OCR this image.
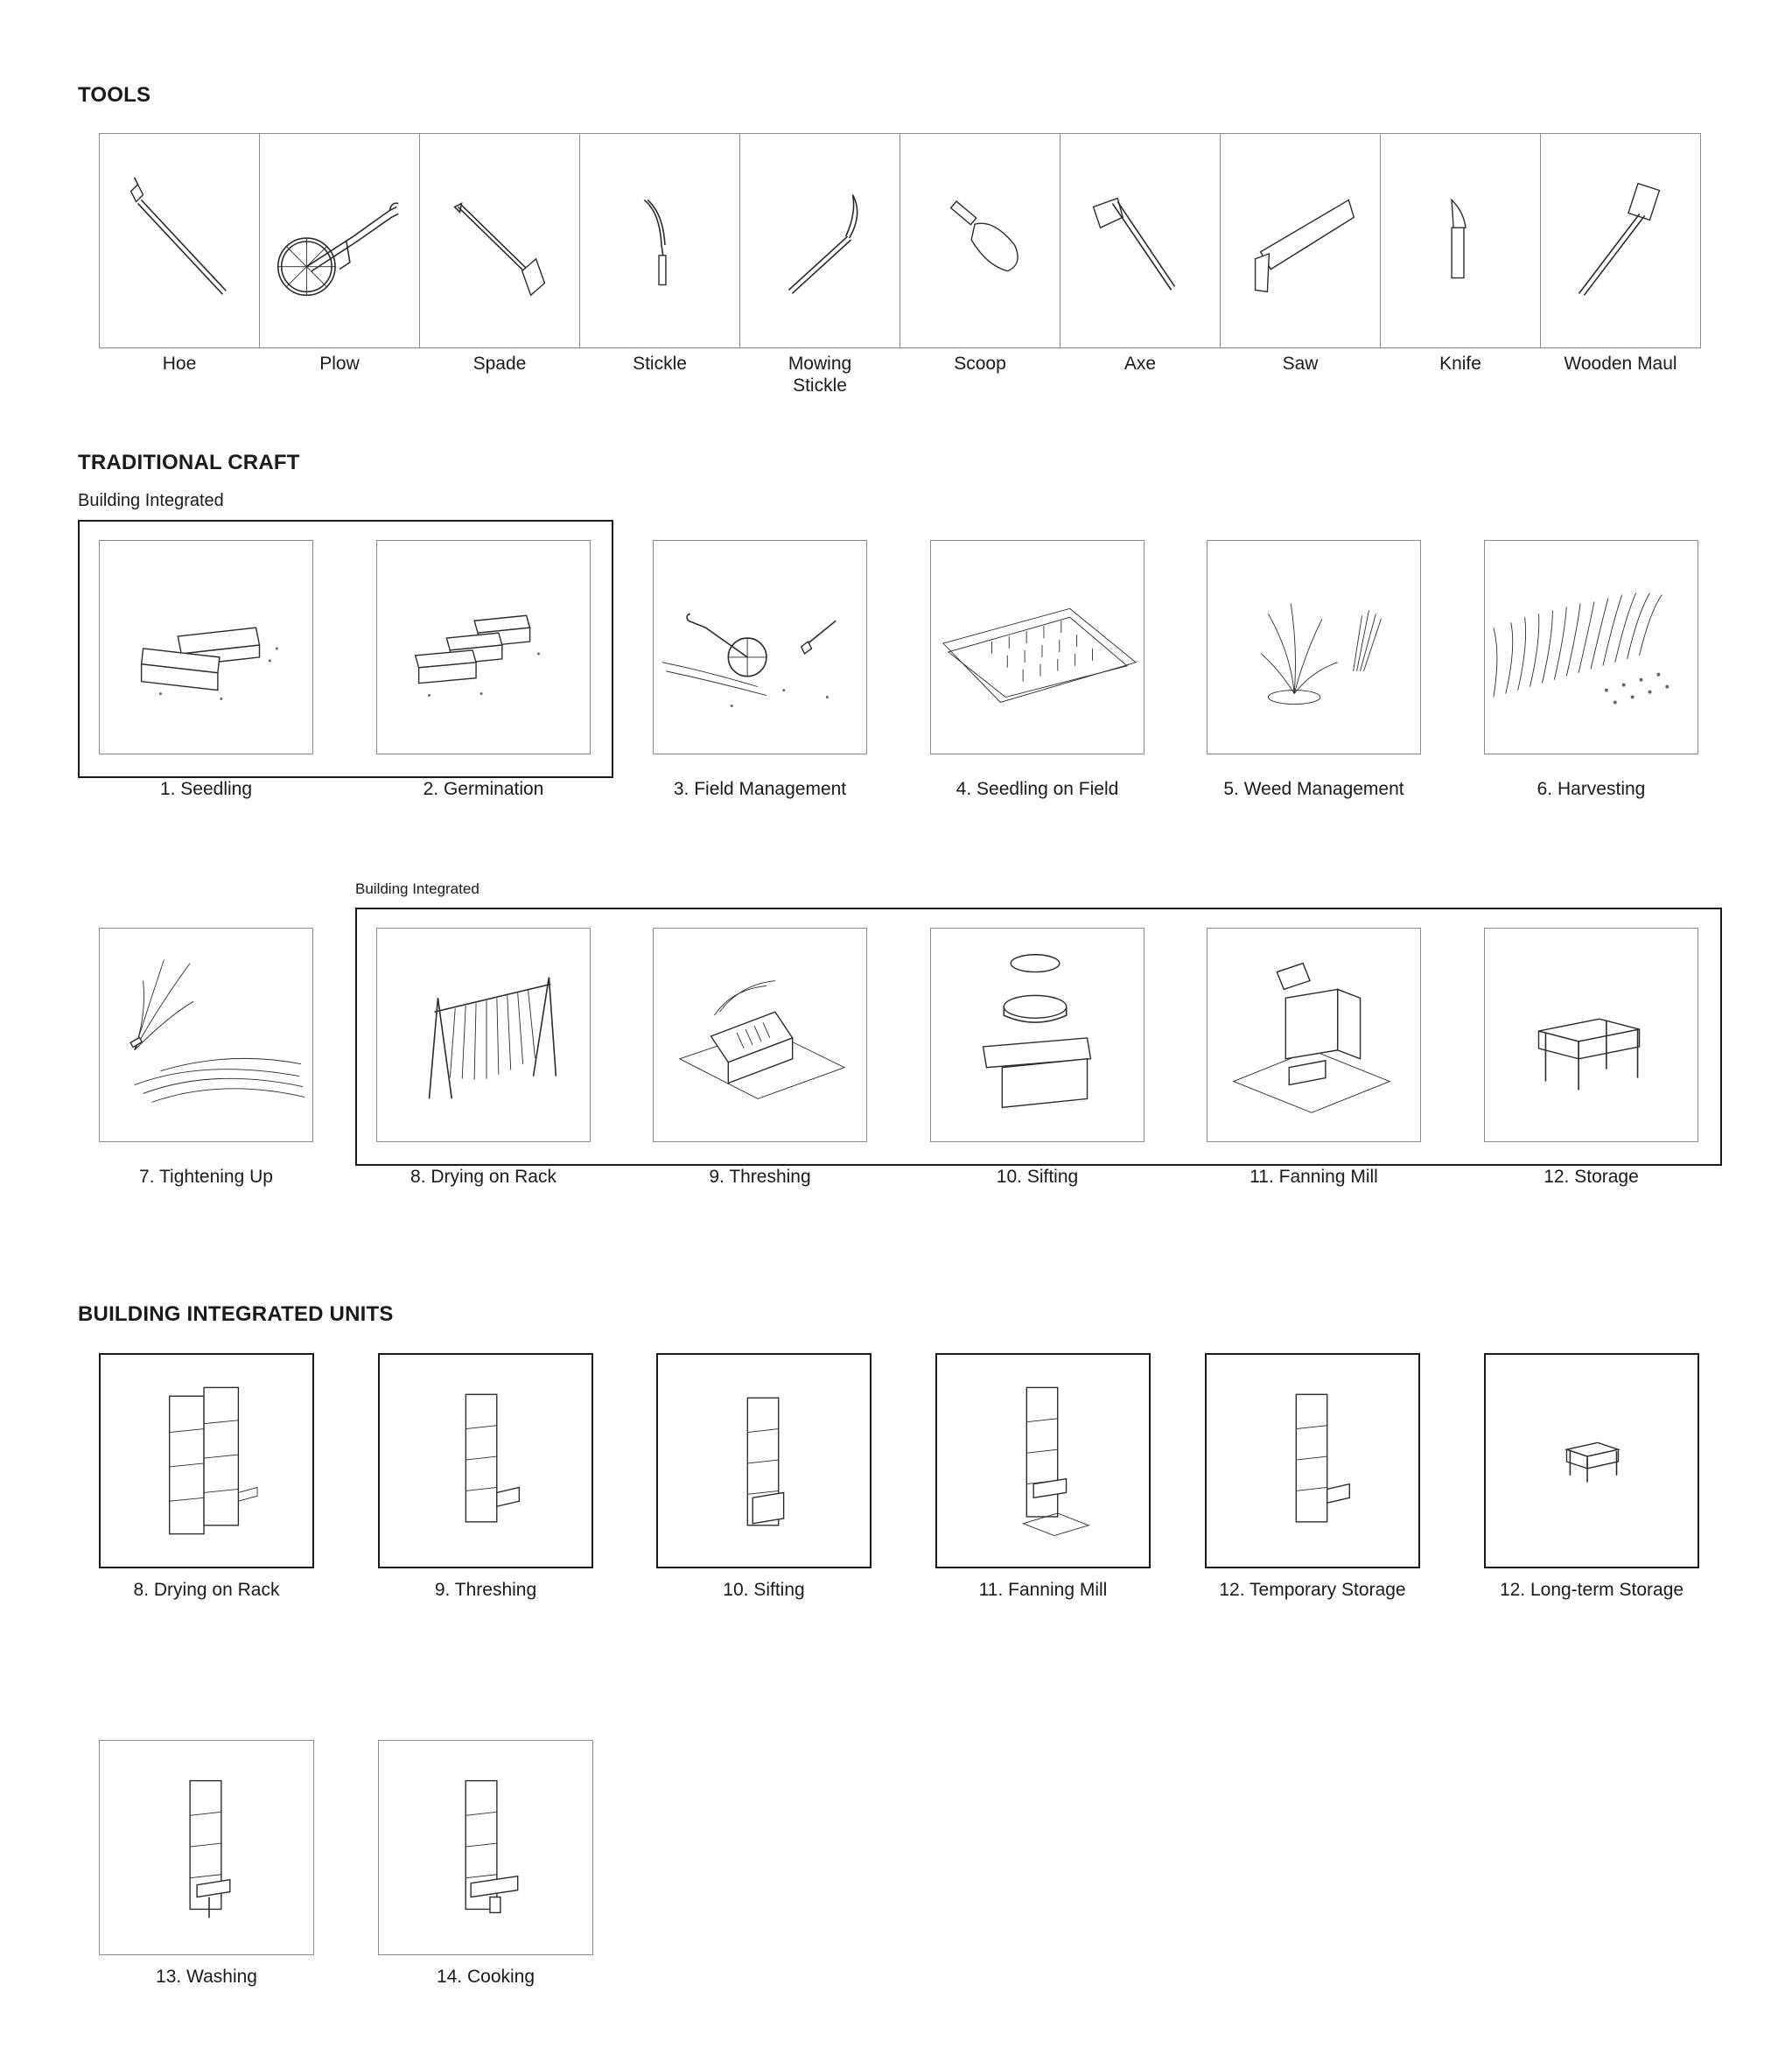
TOOLS
Hoe	Plow	Spade	Stickle	Mowing
Stickle
Scoop	Axe	Saw	Knife	Wooden Maul
TRADITIONAL CRAFT
Building Integrated
Building Integrated
1. Seedling	2. Germination	3. Field Management	4. Seedling on Field	5. Weed Management	6. Harvesting
7. Tightening Up	8. Drying on Rack	9. Threshing	10. Sifting	11. Fanning Mill	12. Storage
BUILDING INTEGRATED UNITS
8. Drying on Rack	9. Threshing	10. Sifting	11. Fanning Mill	12. Temporary Storage	12. Long-term Storage
13. Washing	14. Cooking
